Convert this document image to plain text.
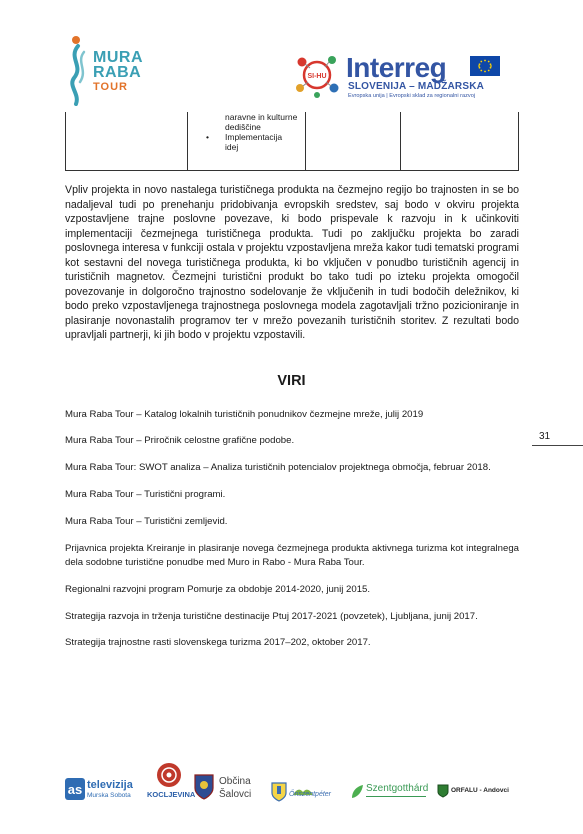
MURA
RABA
TOUR
SI-HU Interreg
SLOVENIJA – MADŽARSKA
Evropska unija | Evropski sklad za regionalni razvoj
naravne in kulturne
dediščine
• Implementacija
idej
Vpliv projekta in novo nastalega turističnega produkta na čezmejno regijo bo trajnosten in se bo nadaljeval tudi po prenehanju pridobivanja evropskih sredstev, saj bodo v okviru projekta vzpostavljene trajne poslovne povezave, ki bodo prispevale k razvoju in k učinkoviti implementaciji čezmejnega turističnega produkta. Tudi po zaključku projekta bo zaradi poslovnega interesa v funkciji ostala v projektu vzpostavljena mreža kakor tudi tematski programi kot sestavni del novega turističnega produkta, ki bo vključen v ponudbo turističnih agencij in turističnih magnetov. Čezmejni turistični produkt bo tako tudi po izteku projekta omogočil povezovanje in dolgoročno trajnostno sodelovanje že vključenih in tudi bodočih deležnikov, ki bodo preko vzpostavljenega trajnostnega poslovnega modela zagotavljali tržno pozicioniranje in plasiranje novonastalih programov ter v mrežo povezanih turističnih storitev. Z rezultati bodo upravljali partnerji, ki jih bodo v projektu vzpostavili.
VIRI
Mura Raba Tour – Katalog lokalnih turističnih ponudnikov čezmejne mreže, julij 2019
Mura Raba Tour – Priročnik celostne grafične podobe.
Mura Raba Tour: SWOT analiza – Analiza turističnih potencialov projektnega območja, februar 2018.
Mura Raba Tour – Turistični programi.
Mura Raba Tour – Turistični zemljevid.
Prijavnica projekta Kreiranje in plasiranje novega čezmejnega produkta aktivnega turizma kot integralnega dela sodobne turistične ponudbe med Muro in Rabo - Mura Raba Tour.
Regionalni razvojni program Pomurje za obdobje 2014-2020, junij 2015.
Strategija razvoja in trženja turistične destinacije Ptuj 2017-2021 (povzetek), Ljubljana, junij 2017.
Strategija trajnostne rasti slovenskega turizma 2017–202, oktober 2017.
31
as televizija
Murska Sobota KOCLJEVINA
Občina
Šalovci	Őriszentpéter
Szentgotthárd	ORFALU - Andovci
